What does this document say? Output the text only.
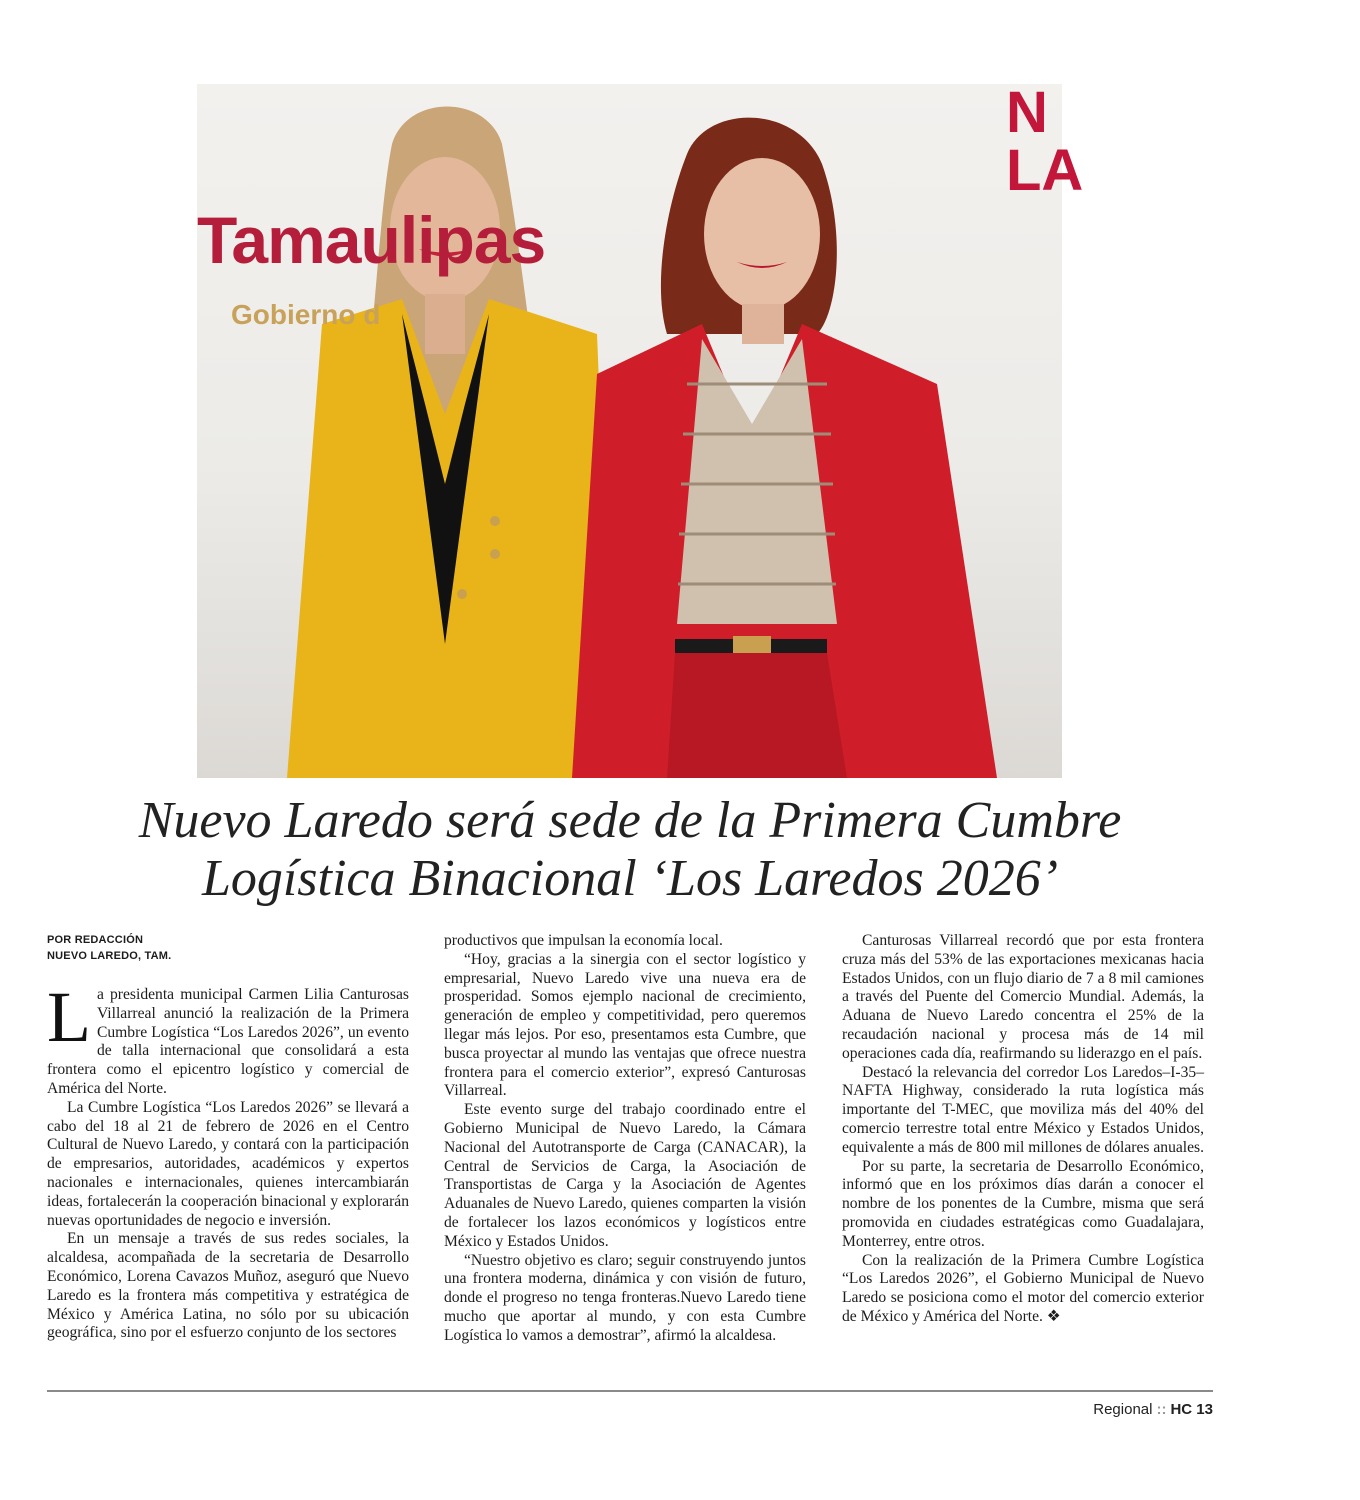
Tamaulipas
Gobierno d
N LA
Nuevo Laredo será sede de la Primera Cumbre Logística Binacional ‘Los Laredos 2026’
POR REDACCIÓN
NUEVO LAREDO, TAM.

La presidenta municipal Carmen Lilia Canturosas Villarreal anunció la realización de la Primera Cumbre Logística “Los Laredos 2026”, un evento de talla internacional que consolidará a esta frontera como el epicentro logístico y comercial de América del Norte.

La Cumbre Logística “Los Laredos 2026” se llevará a cabo del 18 al 21 de febrero de 2026 en el Centro Cultural de Nuevo Laredo, y contará con la participación de empresarios, autoridades, académicos y expertos nacionales e internacionales, quienes intercambiarán ideas, fortalecerán la cooperación binacional y explorarán nuevas oportunidades de negocio e inversión.

En un mensaje a través de sus redes sociales, la alcaldesa, acompañada de la secretaria de Desarrollo Económico, Lorena Cavazos Muñoz, aseguró que Nuevo Laredo es la frontera más competitiva y estratégica de México y América Latina, no sólo por su ubicación geográfica, sino por el esfuerzo conjunto de los sectores

productivos que impulsan la economía local.

“Hoy, gracias a la sinergia con el sector logístico y empresarial, Nuevo Laredo vive una nueva era de prosperidad. Somos ejemplo nacional de crecimiento, generación de empleo y competitividad, pero queremos llegar más lejos. Por eso, presentamos esta Cumbre, que busca proyectar al mundo las ventajas que ofrece nuestra frontera para el comercio exterior”, expresó Canturosas Villarreal.

Este evento surge del trabajo coordinado entre el Gobierno Municipal de Nuevo Laredo, la Cámara Nacional del Autotransporte de Carga (CANACAR), la Central de Servicios de Carga, la Asociación de Transportistas de Carga y la Asociación de Agentes Aduanales de Nuevo Laredo, quienes comparten la visión de fortalecer los lazos económicos y logísticos entre México y Estados Unidos.

“Nuestro objetivo es claro; seguir construyendo juntos una frontera moderna, dinámica y con visión de futuro, donde el progreso no tenga fronteras.Nuevo Laredo tiene mucho que aportar al mundo, y con esta Cumbre Logística lo vamos a demostrar”, afirmó la alcaldesa.

Canturosas Villarreal recordó que por esta frontera cruza más del 53% de las exportaciones mexicanas hacia Estados Unidos, con un flujo diario de 7 a 8 mil camiones a través del Puente del Comercio Mundial. Además, la Aduana de Nuevo Laredo concentra el 25% de la recaudación nacional y procesa más de 14 mil operaciones cada día, reafirmando su liderazgo en el país.

Destacó la relevancia del corredor Los Laredos–I-35–NAFTA Highway, considerado la ruta logística más importante del T-MEC, que moviliza más del 40% del comercio terrestre total entre México y Estados Unidos, equivalente a más de 800 mil millones de dólares anuales.

Por su parte, la secretaria de Desarrollo Económico, informó que en los próximos días darán a conocer el nombre de los ponentes de la Cumbre, misma que será promovida en ciudades estratégicas como Guadalajara, Monterrey, entre otros.

Con la realización de la Primera Cumbre Logística “Los Laredos 2026”, el Gobierno Municipal de Nuevo Laredo se posiciona como el motor del comercio exterior de México y América del Norte. ❖

Regional :: HC 13
